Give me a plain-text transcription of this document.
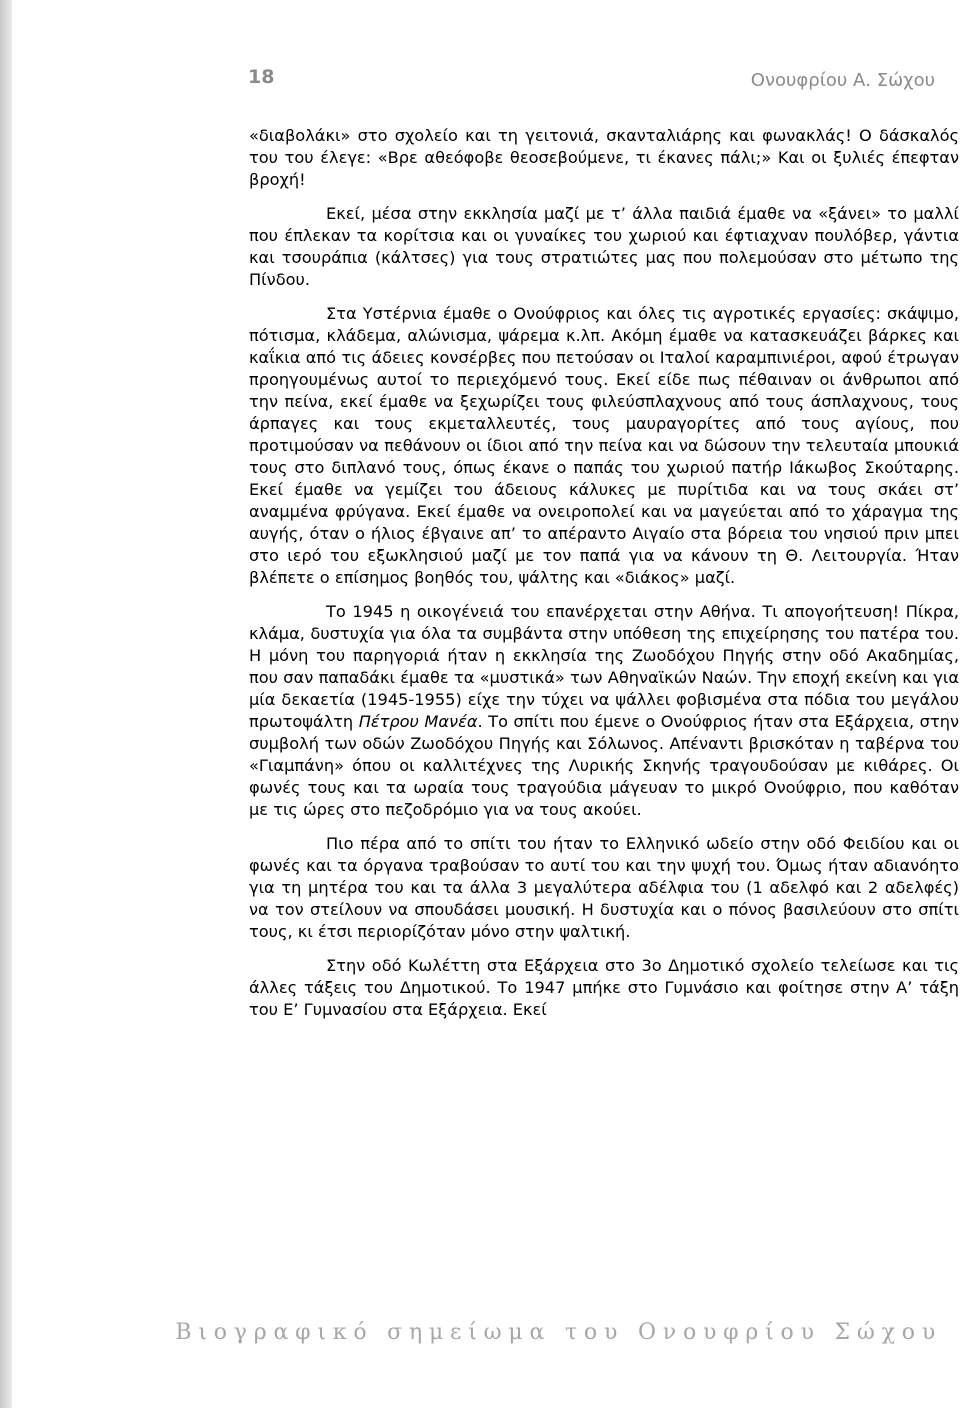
18	Ονουφρίου Α. Σώχου

«διαβολάκι» στο σχολείο και τη γειτονιά, σκανταλιάρης και φωνακλάς! Ο δάσκαλός του του έλεγε: «Βρε αθεόφοβε θεοσεβούμενε, τι έκανες πάλι;» Και οι ξυλιές έπεφταν βροχή!

Εκεί, μέσα στην εκκλησία μαζί με τ’ άλλα παιδιά έμαθε να «ξάνει» το μαλλί που έπλεκαν τα κορίτσια και οι γυναίκες του χωριού και έφτιαχναν πουλόβερ, γάντια και τσουράπια (κάλτσες) για τους στρατιώτες μας που πολεμούσαν στο μέτωπο της Πίνδου.

Στα Υστέρνια έμαθε ο Ονούφριος και όλες τις αγροτικές εργασίες: σκάψιμο, πότισμα, κλάδεμα, αλώνισμα, ψάρεμα κ.λπ. Ακόμη έμαθε να κατασκευάζει βάρκες και καΐκια από τις άδειες κονσέρβες που πετούσαν οι Ιταλοί καραμπινιέροι, αφού έτρωγαν προηγουμένως αυτοί το περιεχόμενό τους. Εκεί είδε πως πέθαιναν οι άνθρωποι από την πείνα, εκεί έμαθε να ξεχωρίζει τους φιλεύσπλαχνους από τους άσπλαχνους, τους άρπαγες και τους εκμεταλλευτές, τους μαυραγορίτες από τους αγίους, που προτιμούσαν να πεθάνουν οι ίδιοι από την πείνα και να δώσουν την τελευταία μπουκιά τους στο διπλανό τους, όπως έκανε ο παπάς του χωριού πατήρ Ιάκωβος Σκούταρης. Εκεί έμαθε να γεμίζει του άδειους κάλυκες με πυρίτιδα και να τους σκάει στ’ αναμμένα φρύγανα. Εκεί έμαθε να ονειροπολεί και να μαγεύεται από το χάραγμα της αυγής, όταν ο ήλιος έβγαινε απ’ το απέραντο Αιγαίο στα βόρεια του νησιού πριν μπει στο ιερό του εξωκλησιού μαζί με τον παπά για να κάνουν τη Θ. Λειτουργία. Ήταν βλέπετε ο επίσημος βοηθός του, ψάλτης και «διάκος» μαζί.

Το 1945 η οικογένειά του επανέρχεται στην Αθήνα. Τι απογοήτευση! Πίκρα, κλάμα, δυστυχία για όλα τα συμβάντα στην υπόθεση της επιχείρησης του πατέρα του. Η μόνη του παρηγοριά ήταν η εκκλησία της Ζωοδόχου Πηγής στην οδό Ακαδημίας, που σαν παπαδάκι έμαθε τα «μυστικά» των Αθηναϊκών Ναών. Την εποχή εκείνη και για μία δεκαετία (1945-1955) είχε την τύχει να ψάλλει φοβισμένα στα πόδια του μεγάλου πρωτοψάλτη Πέτρου Μανέα. Το σπίτι που έμενε ο Ονούφριος ήταν στα Εξάρχεια, στην συμβολή των οδών Ζωοδόχου Πηγής και Σόλωνος. Απέναντι βρισκόταν η ταβέρνα του «Γιαμπάνη» όπου οι καλλιτέχνες της Λυρικής Σκηνής τραγουδούσαν με κιθάρες. Οι φωνές τους και τα ωραία τους τραγούδια μάγευαν το μικρό Ονούφριο, που καθόταν με τις ώρες στο πεζοδρόμιο για να τους ακούει.

Πιο πέρα από το σπίτι του ήταν το Ελληνικό ωδείο στην οδό Φειδίου και οι φωνές και τα όργανα τραβούσαν το αυτί του και την ψυχή του. Όμως ήταν αδιανόητο για τη μητέρα του και τα άλλα 3 μεγαλύτερα αδέλφια του (1 αδελφό και 2 αδελφές) να τον στείλουν να σπουδάσει μουσική. Η δυστυχία και ο πόνος βασιλεύουν στο σπίτι τους, κι έτσι περιορίζόταν μόνο στην ψαλτική.

Στην οδό Κωλέττη στα Εξάρχεια στο 3ο Δημοτικό σχολείο τελείωσε και τις άλλες τάξεις του Δημοτικού. Το 1947 μπήκε στο Γυμνάσιο και φοίτησε στην Α’ τάξη του Ε’ Γυμνασίου στα Εξάρχεια. Εκεί

Βιογραφικό σημείωμα του Ονουφρίου Σώχου
